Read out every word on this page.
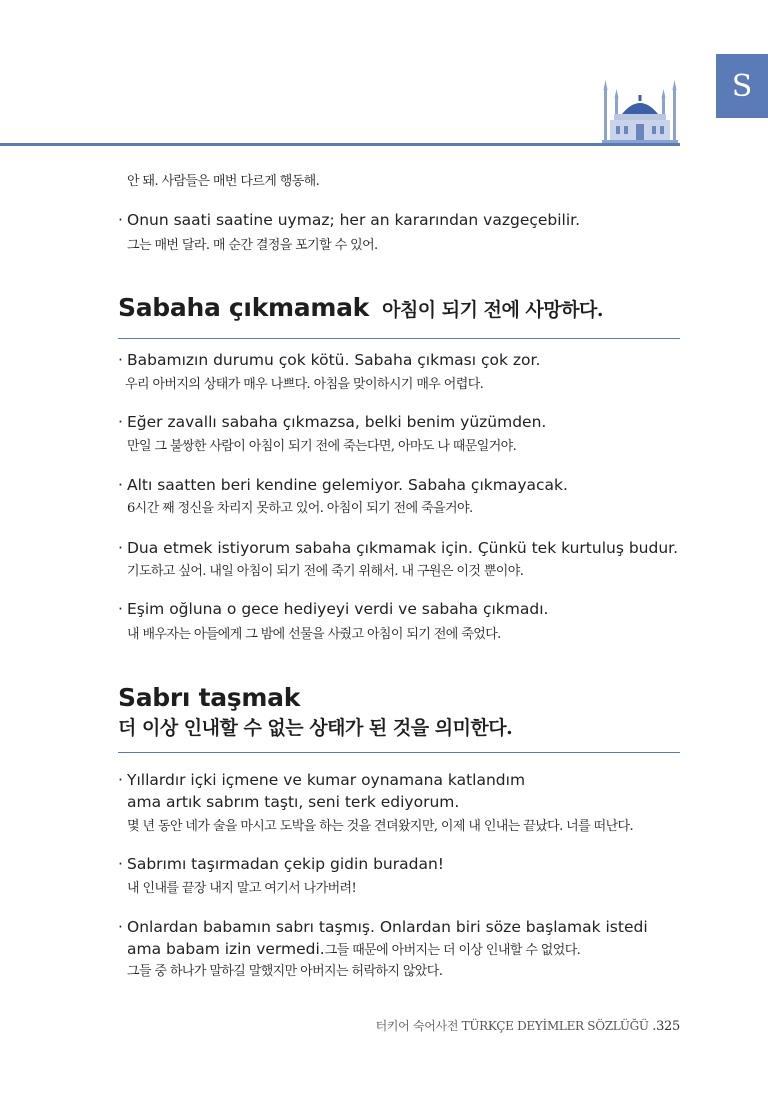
S
안 돼. 사람들은 매번 다르게 행동해.
· Onun saati saatine uymaz; her an kararından vazgeçebilir.
그는 매번 달라. 매 순간 결정을 포기할 수 있어.
Sabaha çıkmamak 아침이 되기 전에 사망하다.
· Babamızın durumu çok kötü. Sabaha çıkması çok zor.
우리 아버지의 상태가 매우 나쁘다. 아침을 맞이하시기 매우 어렵다.
· Eğer zavallı sabaha çıkmazsa, belki benim yüzümden.
만일 그 불쌍한 사람이 아침이 되기 전에 죽는다면, 아마도 나 때문일거야.
· Altı saatten beri kendine gelemiyor. Sabaha çıkmayacak.
6시간 째 정신을 차리지 못하고 있어. 아침이 되기 전에 죽을거야.
· Dua etmek istiyorum sabaha çıkmamak için. Çünkü tek kurtuluş budur.
기도하고 싶어. 내일 아침이 되기 전에 죽기 위해서. 내 구원은 이것 뿐이야.
· Eşim oğluna o gece hediyeyi verdi ve sabaha çıkmadı.
내 배우자는 아들에게 그 밤에 선물을 사줬고 아침이 되기 전에 죽었다.
Sabrı taşmak
더 이상 인내할 수 없는 상태가 된 것을 의미한다.
· Yıllardır içki içmene ve kumar oynamana katlandım
ama artık sabrım taştı, seni terk ediyorum.
몇 년 동안 네가 술을 마시고 도박을 하는 것을 견뎌왔지만, 이제 내 인내는 끝났다. 너를 떠난다.
· Sabrımı taşırmadan çekip gidin buradan!
내 인내를 끝장 내지 말고 여기서 나가버려!
· Onlardan babamın sabrı taşmış. Onlardan biri söze başlamak istedi
ama babam izin vermedi.그들 때문에 아버지는 더 이상 인내할 수 없었다.
그들 중 하나가 말하길 말했지만 아버지는 허락하지 않았다.
터키어 숙어사전 TÜRKÇE DEYİMLER SÖZLÜĞÜ .325
